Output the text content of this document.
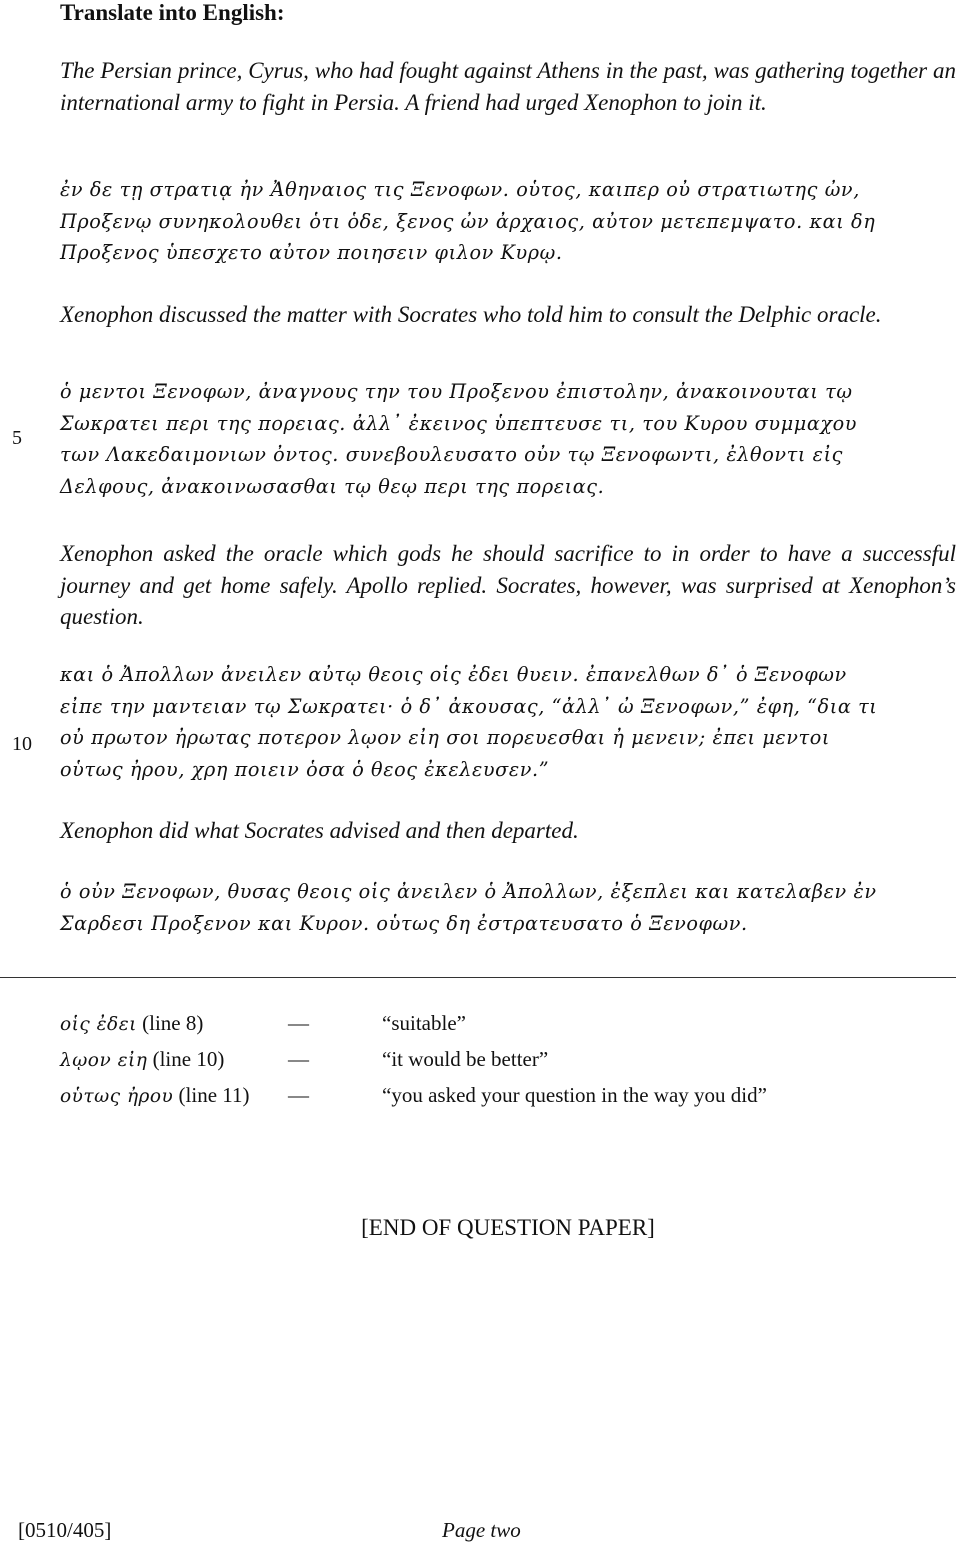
Translate into English:
The Persian prince, Cyrus, who had fought against Athens in the past, was gathering together an international army to fight in Persia. A friend had urged Xenophon to join it.
ἐν δε τῃ στρατιᾳ ἠν Ἀθηναιος τις Ξενοφων. οὑτος, καιπερ οὐ στρατιωτης ὠν,
Προξενῳ συνηκολουθει ὁτι ὁδε, ξενος ὠν ἀρχαιος, αὐτον μετεπεμψατο. και δη
Προξενος ὑπεσχετο αὐτον ποιησειν φιλον Κυρῳ.
Xenophon discussed the matter with Socrates who told him to consult the Delphic oracle.
ὁ μεντοι Ξενοφων, ἀναγνους την του Προξενου ἐπιστολην, ἀνακοινουται τῳ
Σωκρατει περι της πορειας. ἀλλ᾽ ἐκεινος ὑπεπτευσε τι, του Κυρου συμμαχου
των Λακεδαιμονιων ὀντος. συνεβουλευσατο οὐν τῳ Ξενοφωντι, ἐλθοντι εἰς
Δελφους, ἀνακοινωσασθαι τῳ θεῳ περι της πορειας.
5
Xenophon asked the oracle which gods he should sacrifice to in order to have a successful journey and get home safely. Apollo replied. Socrates, however, was surprised at Xenophon’s question.
και ὁ Ἀπολλων ἀνειλεν αὐτῳ θεοις οἱς ἐδει θυειν. ἐπανελθων δ᾽ ὁ Ξενοφων
εἰπε την μαντειαν τῳ Σωκρατει· ὁ δ᾽ ἀκουσας, “ἀλλ᾽ ὠ Ξενοφων,” ἐφη, “δια τι
οὐ πρωτον ἠρωτας ποτερον λῳον εἰη σοι πορευεσθαι ἠ μενειν; ἐπει μεντοι
οὑτως ἠρου, χρη ποιειν ὁσα ὁ θεος ἐκελευσεν.”
10
Xenophon did what Socrates advised and then departed.
ὁ οὐν Ξενοφων, θυσας θεοις οἱς ἀνειλεν ὁ Ἀπολλων, ἐξεπλει και κατελαβεν ἐν
Σαρδεσι Προξενον και Κυρον. οὑτως δη ἐστρατευσατο ὁ Ξενοφων.
οἱς ἐδει (line 8)	—	“suitable”
λῳον εἰη (line 10)	—	“it would be better”
οὑτως ἠρου (line 11) —	“you asked your question in the way you did”
[END OF QUESTION PAPER]
[0510/405]	Page two
